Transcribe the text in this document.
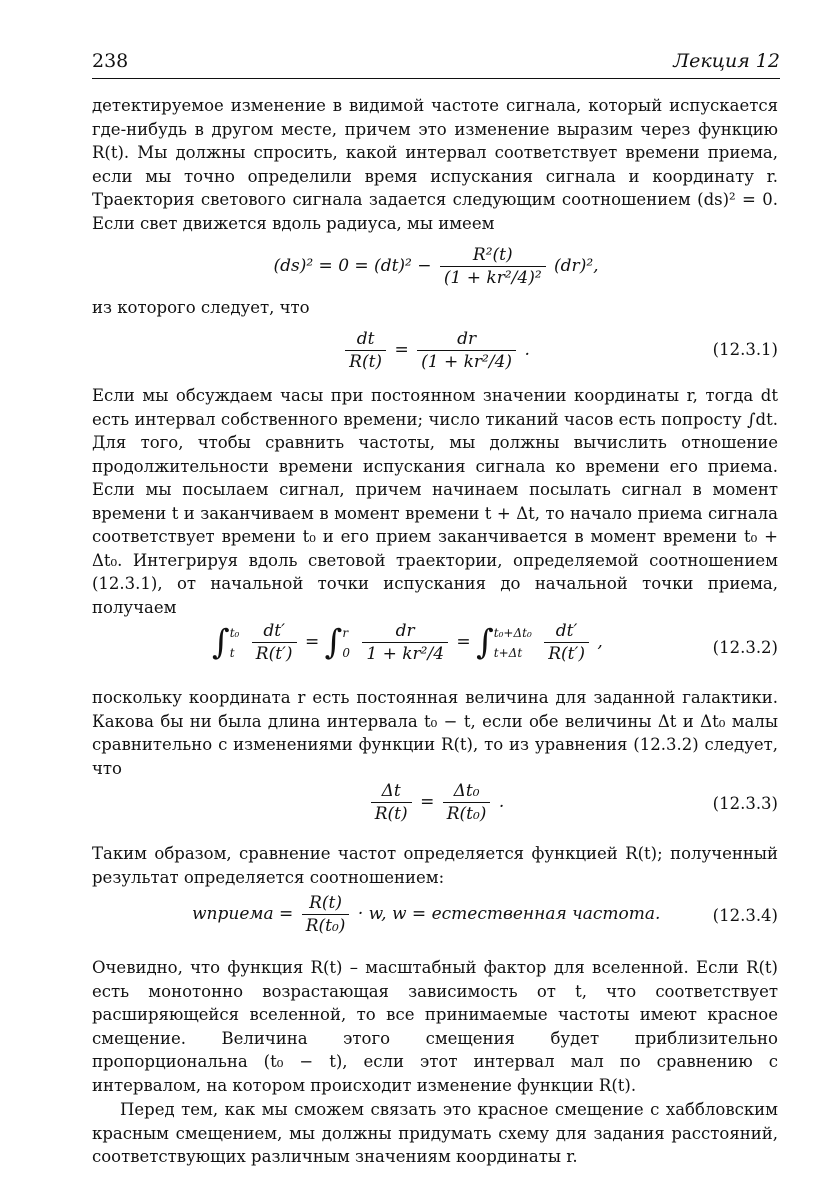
238	Лекция 12

детектируемое изменение в видимой частоте сигнала, который испускается где-нибудь в другом месте, причем это изменение выразим через функцию R(t). Мы должны спросить, какой интервал соответствует времени приема, если мы точно определили время испускания сигнала и координату r. Траектория светового сигнала задается следующим соотношением (ds)² = 0. Если свет движется вдоль радиуса, мы имеем

$(ds)^2 = 0 = (dt)^2 - \frac{\text{R²(t)}}{\text{(1 + kr²/4)²}} (dr)^2$,

из которого следует, что

$\frac{dt}{R(t)} = \frac{dr}{\text{(1 + kr²/4)}}$ .	(12.3.1)

Если мы обсуждаем часы при постоянном значении координаты r, тогда dt есть интервал собственного времени; число тиканий часов есть попросту ∫dt. Для того, чтобы сравнить частоты, мы должны вычислить отношение продолжительности времени испускания сигнала ко времени его приема. Если мы посылаем сигнал, причем начинаем посылать сигнал в момент времени t и заканчиваем в момент времени t + Δt, то начало приема сигнала соответствует времени t₀ и его прием заканчивается в момент времени t₀ + Δt₀. Интегрируя вдоль световой траектории, определяемой соотношением (12.3.1), от начальной точки испускания до начальной точки приема, получаем

∫ t₀
t
$\frac{dt'}{R(t')}$ = ∫ r
0
$\frac{dr}{\text{1 + kr²/4}}$ = ∫ t₀+Δt₀
t+Δt
	$\frac{dt'}{R(t')}$ ,	(12.3.2)

поскольку координата r есть постоянная величина для заданной галактики. Какова бы ни была длина интервала t₀ − t, если обе величины Δt и Δt₀ малы сравнительно с изменениями функции R(t), то из уравнения (12.3.2) следует, что

$\frac{\Delta t}{R(t)} = \frac{\text{Δt₀}}{\text{R(t₀)}}$ .	(12.3.3)

Таким образом, сравнение частот определяется функцией R(t); полученный результат определяется соотношением:

wприема = $\frac{R(t)}{\text{R(t₀)}} \cdot w$, w = естественная частота.	(12.3.4)

Очевидно, что функция R(t) – масштабный фактор для вселенной. Если R(t) есть монотонно возрастающая зависимость от t, что соответствует расширяющейся вселенной, то все принимаемые частоты имеют красное смещение. Величина этого смещения будет приблизительно пропорциональна (t₀ − t), если этот интервал мал по сравнению с интервалом, на котором происходит изменение функции R(t).

Перед тем, как мы сможем связать это красное смещение с хаббловским красным смещением, мы должны придумать схему для задания расстояний, соответствующих различным значениям координаты r.
